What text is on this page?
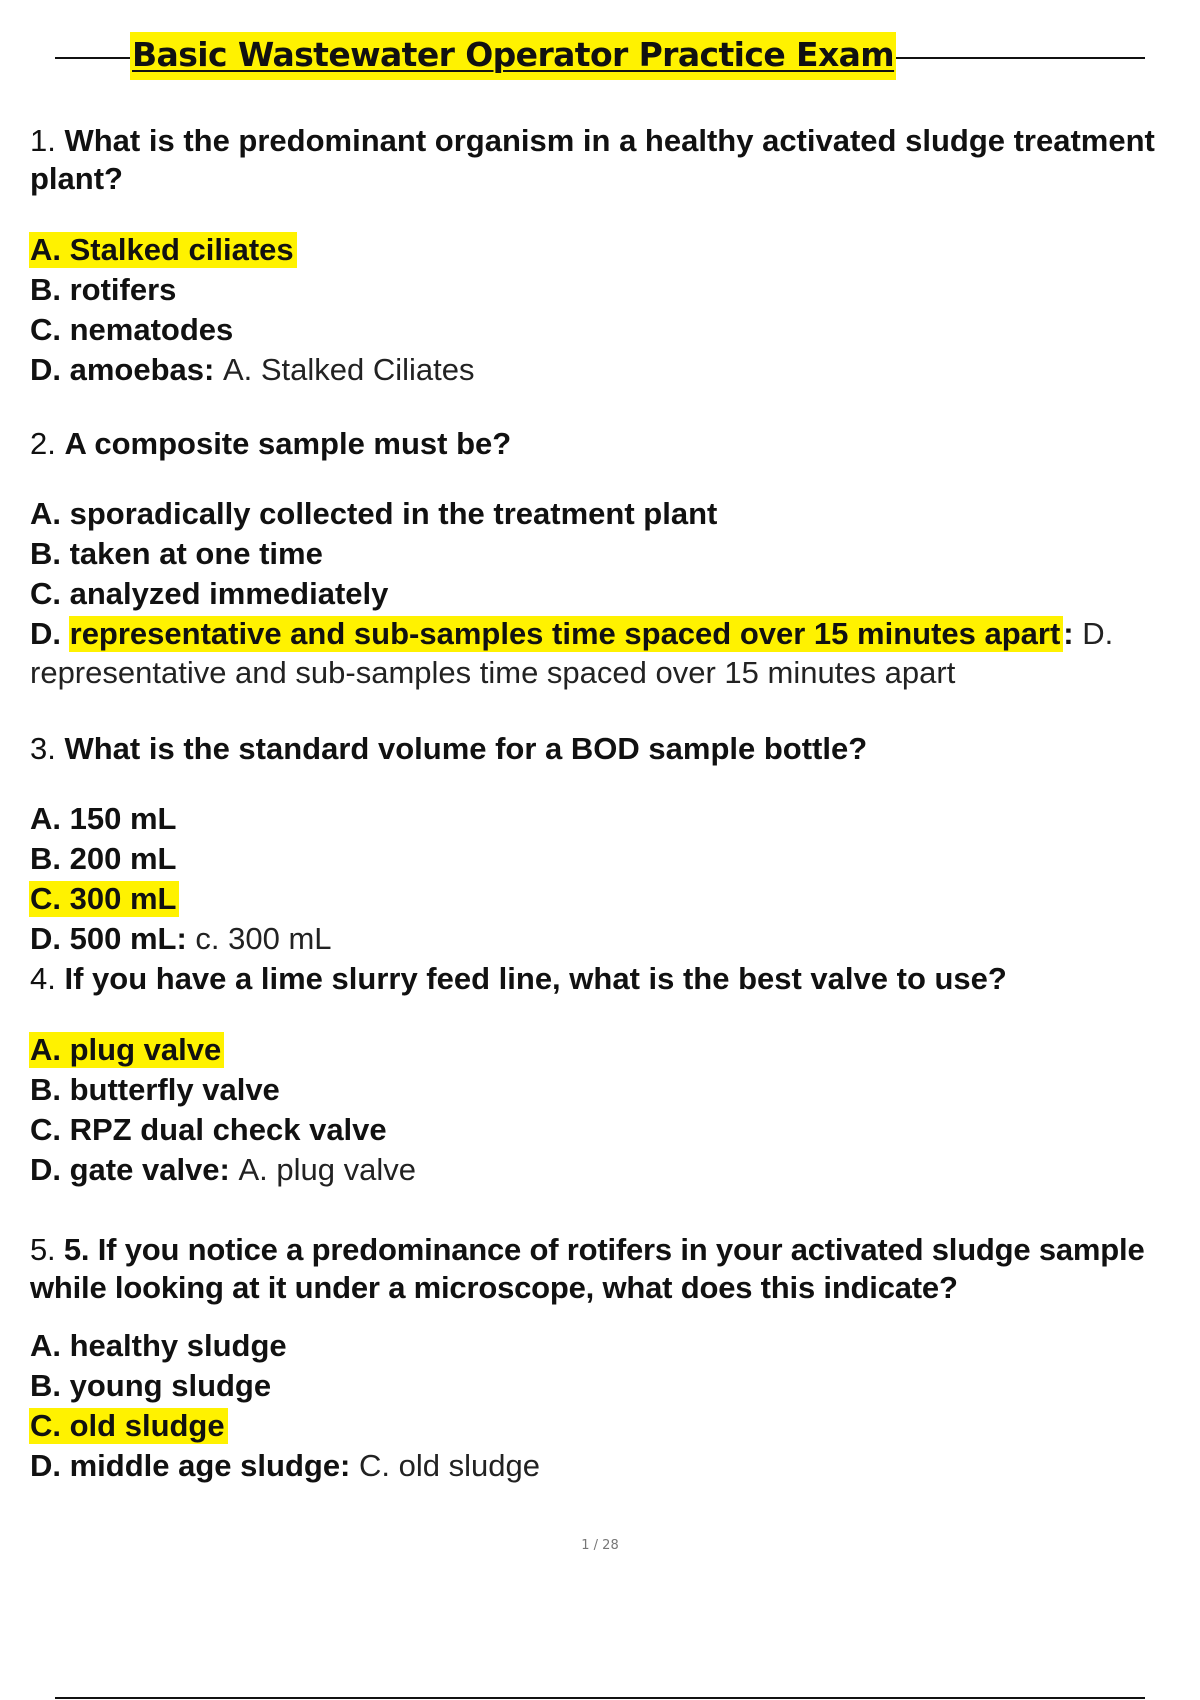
Basic Wastewater Operator Practice Exam

1. What is the predominant organism in a healthy activated sludge treatment plant?

A. Stalked ciliates
B. rotifers
C. nematodes
D. amoebas: A. Stalked Ciliates

2. A composite sample must be?

A. sporadically collected in the treatment plant
B. taken at one time
C. analyzed immediately
D. representative and sub-samples time spaced over 15 minutes apart: D.
representative and sub-samples time spaced over 15 minutes apart

3. What is the standard volume for a BOD sample bottle?

A. 150 mL
B. 200 mL
C. 300 mL
D. 500 mL: c. 300 mL

4. If you have a lime slurry feed line, what is the best valve to use?

A. plug valve
B. butterfly valve
C. RPZ dual check valve
D. gate valve: A. plug valve

5. 5. If you notice a predominance of rotifers in your activated sludge sample while looking at it under a microscope, what does this indicate?

A. healthy sludge
B. young sludge
C. old sludge
D. middle age sludge: C. old sludge
1 / 28
